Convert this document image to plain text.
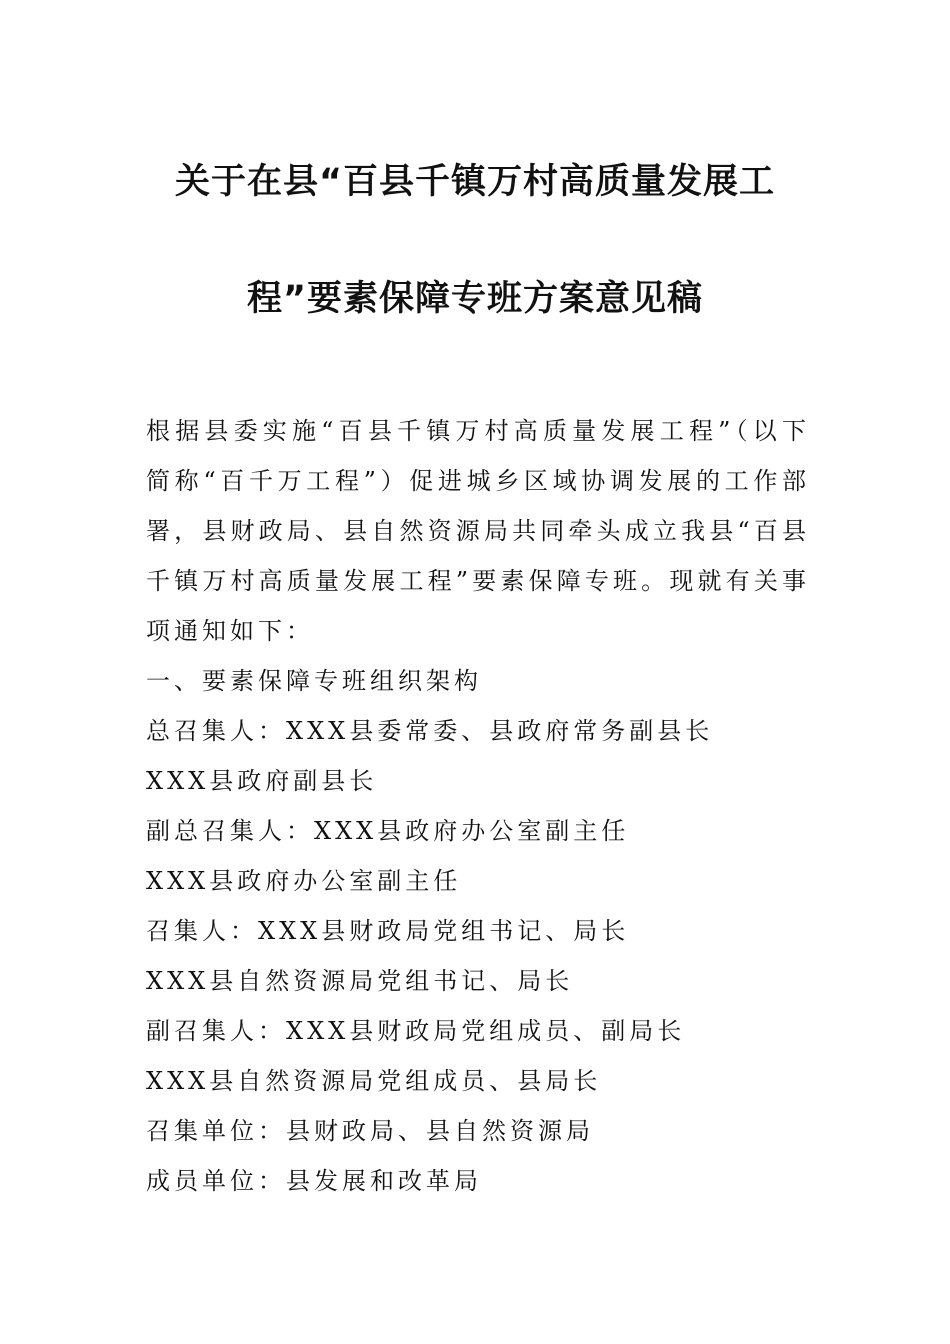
关于在县“百县千镇万村高质量发展工
程”要素保障专班方案意见稿

根据县委实施“百县千镇万村高质量发展工程”（以下简称“百千万工程”）促进城乡区域协调发展的工作部署，县财政局、县自然资源局共同牵头成立我县“百县千镇万村高质量发展工程”要素保障专班。现就有关事项通知如下：

一、要素保障专班组织架构

总召集人：XXX县委常委、县政府常务副县长

XXX县政府副县长

副总召集人：XXX县政府办公室副主任

XXX县政府办公室副主任

召集人：XXX县财政局党组书记、局长

XXX县自然资源局党组书记、局长

副召集人：XXX县财政局党组成员、副局长

XXX县自然资源局党组成员、县局长

召集单位：县财政局、县自然资源局

成员单位：县发展和改革局
